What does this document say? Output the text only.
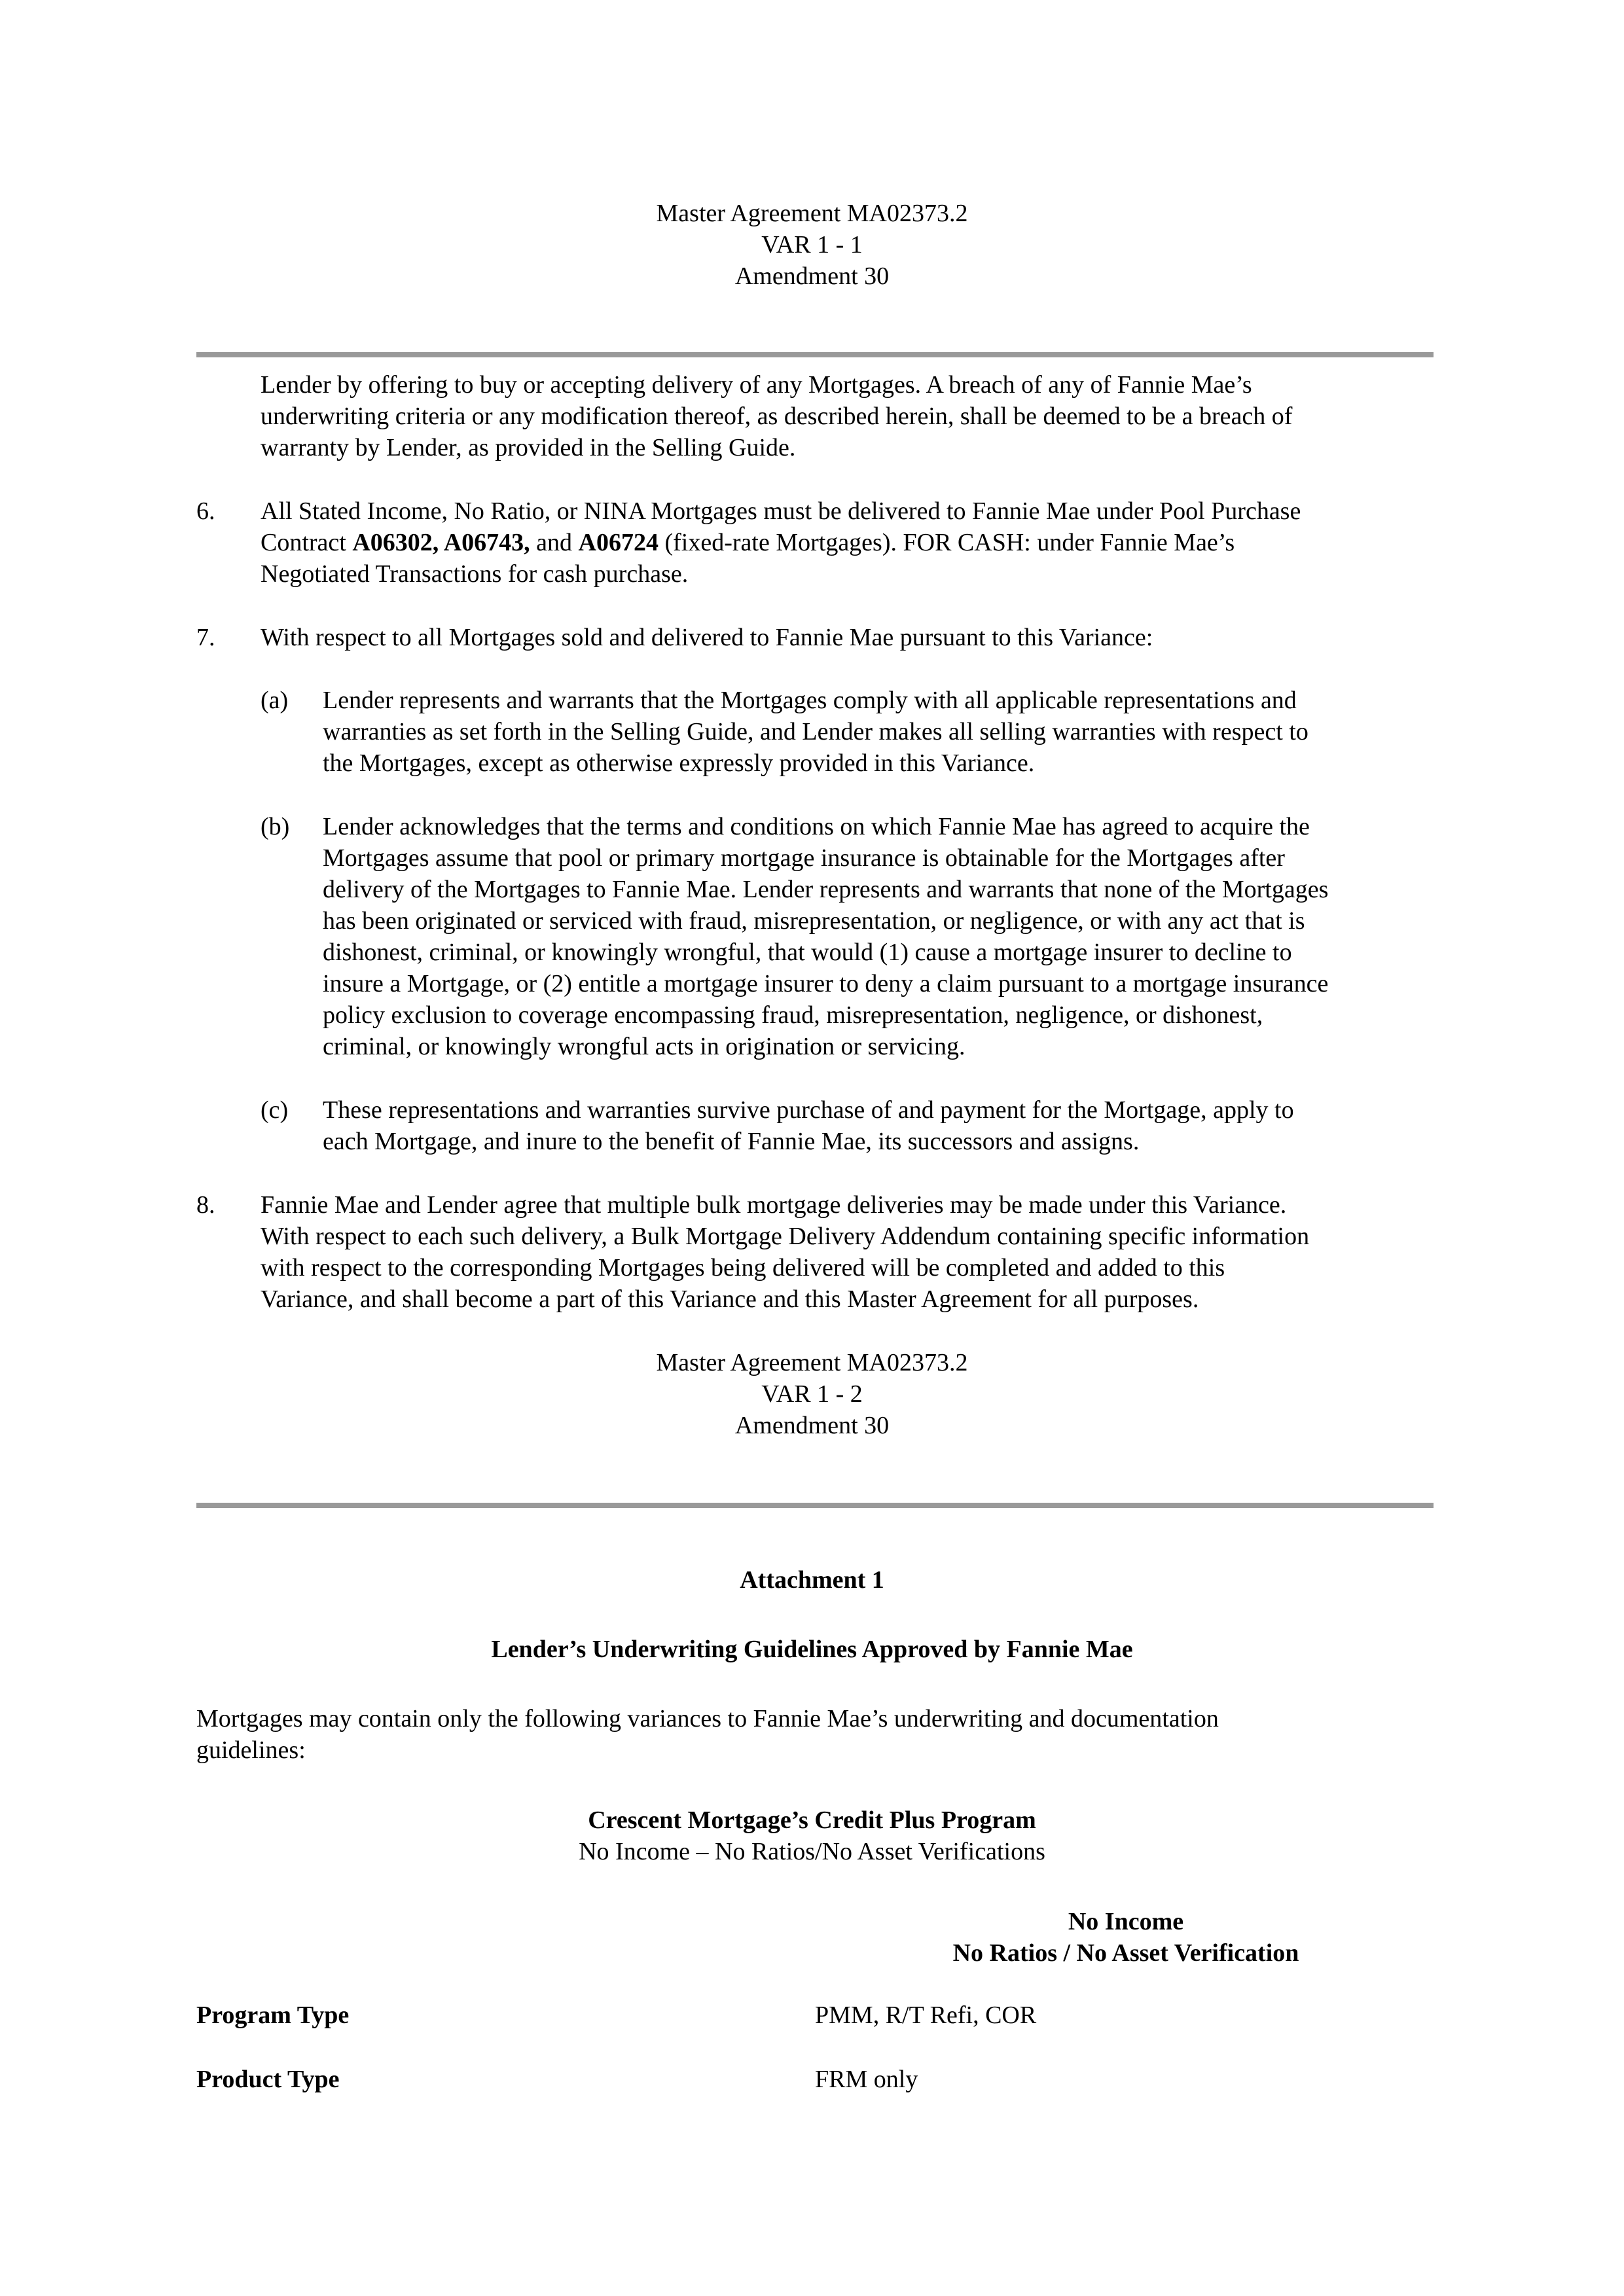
Master Agreement MA02373.2
VAR 1 - 1
Amendment 30
Lender by offering to buy or accepting delivery of any Mortgages. A breach of any of Fannie Mae’s
underwriting criteria or any modification thereof, as described herein, shall be deemed to be a breach of
warranty by Lender, as provided in the Selling Guide.
6. All Stated Income, No Ratio, or NINA Mortgages must be delivered to Fannie Mae under Pool Purchase
Contract A06302, A06743, and A06724 (fixed-rate Mortgages). FOR CASH: under Fannie Mae’s
Negotiated Transactions for cash purchase.
7. With respect to all Mortgages sold and delivered to Fannie Mae pursuant to this Variance:
(a) Lender represents and warrants that the Mortgages comply with all applicable representations and
warranties as set forth in the Selling Guide, and Lender makes all selling warranties with respect to
the Mortgages, except as otherwise expressly provided in this Variance.
(b) Lender acknowledges that the terms and conditions on which Fannie Mae has agreed to acquire the
Mortgages assume that pool or primary mortgage insurance is obtainable for the Mortgages after
delivery of the Mortgages to Fannie Mae. Lender represents and warrants that none of the Mortgages
has been originated or serviced with fraud, misrepresentation, or negligence, or with any act that is
dishonest, criminal, or knowingly wrongful, that would (1) cause a mortgage insurer to decline to
insure a Mortgage, or (2) entitle a mortgage insurer to deny a claim pursuant to a mortgage insurance
policy exclusion to coverage encompassing fraud, misrepresentation, negligence, or dishonest,
criminal, or knowingly wrongful acts in origination or servicing.
(c) These representations and warranties survive purchase of and payment for the Mortgage, apply to
each Mortgage, and inure to the benefit of Fannie Mae, its successors and assigns.
8. Fannie Mae and Lender agree that multiple bulk mortgage deliveries may be made under this Variance.
With respect to each such delivery, a Bulk Mortgage Delivery Addendum containing specific information
with respect to the corresponding Mortgages being delivered will be completed and added to this
Variance, and shall become a part of this Variance and this Master Agreement for all purposes.
Master Agreement MA02373.2
VAR 1 - 2
Amendment 30
Attachment 1
Lender’s Underwriting Guidelines Approved by Fannie Mae
Mortgages may contain only the following variances to Fannie Mae’s underwriting and documentation
guidelines:
Crescent Mortgage’s Credit Plus Program
No Income – No Ratios/No Asset Verifications
No Income
No Ratios / No Asset Verification
Program Type	PMM, R/T Refi, COR
Product Type	FRM only
